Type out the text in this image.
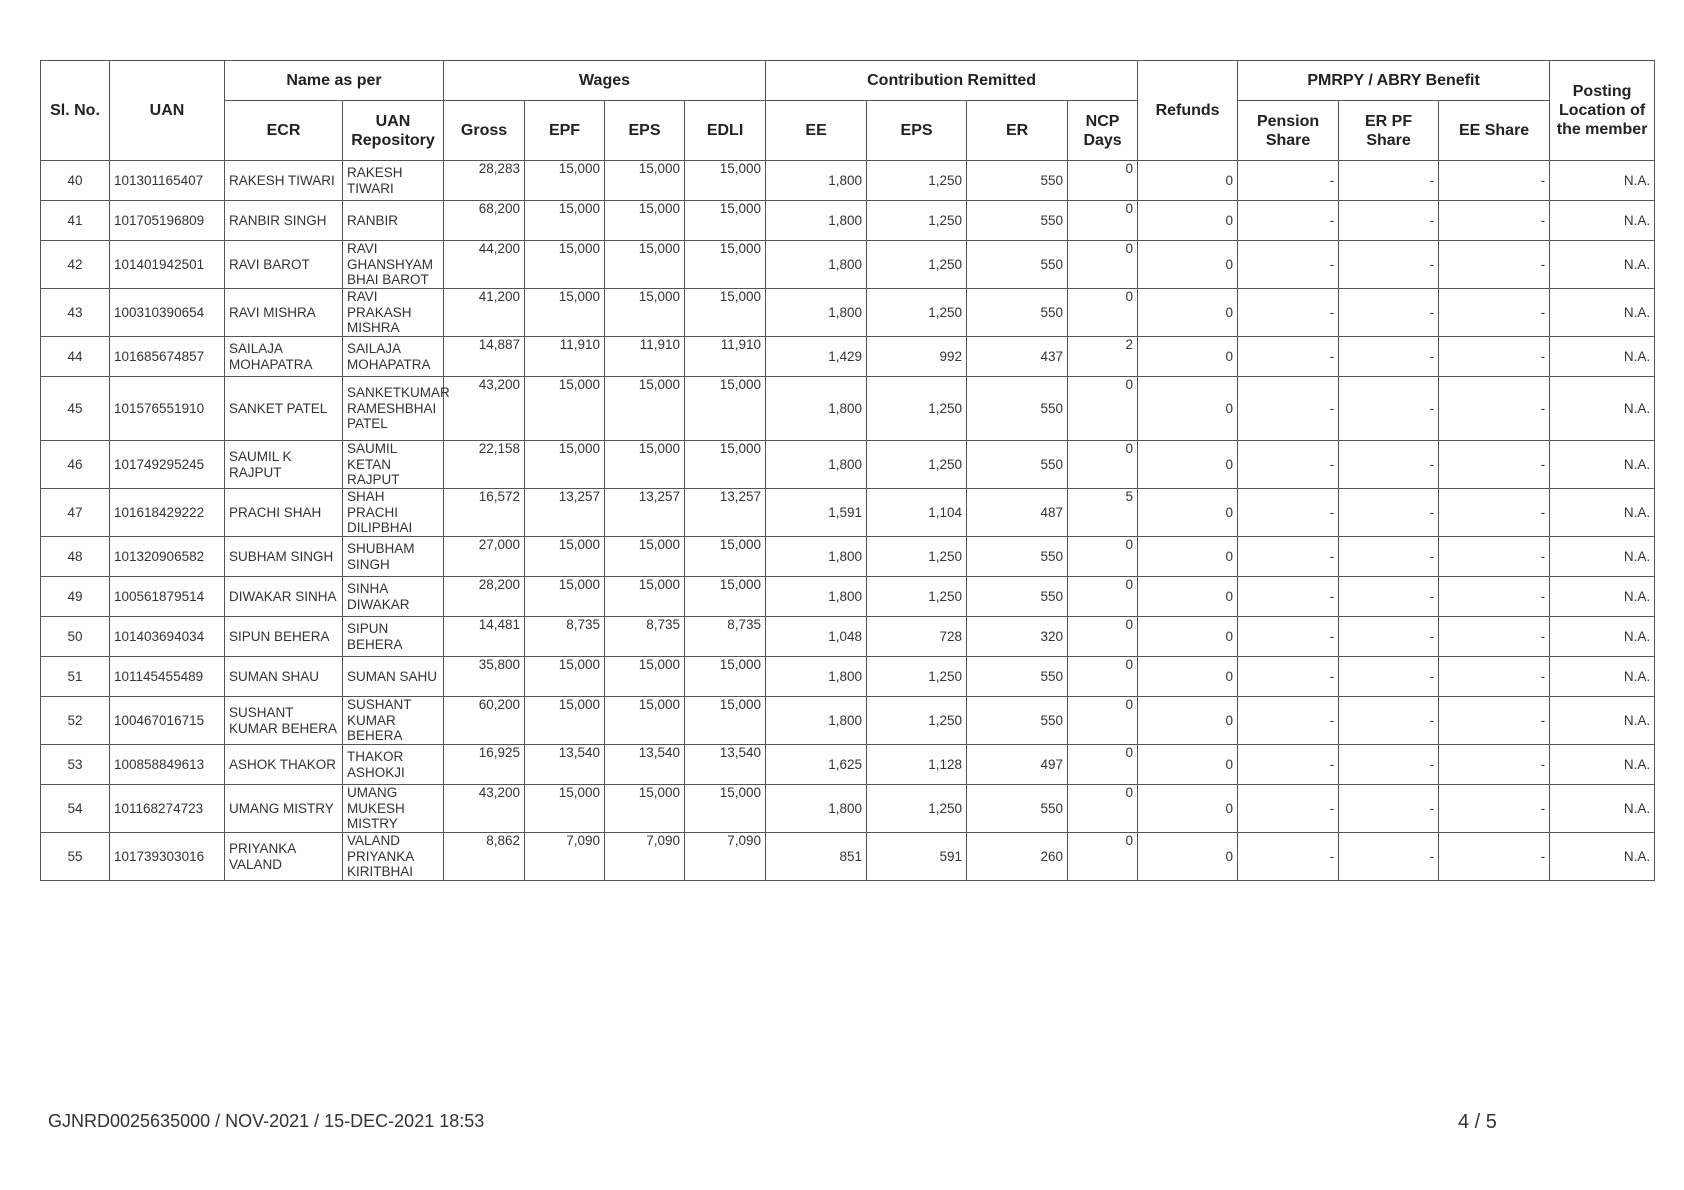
Sl. No.	UAN	Name as per		Wages				Contribution Remitted				Refunds	PMRPY / ABRY Benefit			Posting Location of the member
		ECR	UAN Repository	Gross	EPF	EPS	EDLI	EE	EPS	ER	NCP Days		Pension Share	ER PF Share	EE Share	
40	101301165407	RAKESH TIWARI	RAKESH TIWARI	28,283	15,000	15,000	15,000	1,800	1,250	550	0	0	-	-	-	N.A.
41	101705196809	RANBIR SINGH	RANBIR	68,200	15,000	15,000	15,000	1,800	1,250	550	0	0	-	-	-	N.A.
42	101401942501	RAVI BAROT	RAVI GHANSHYAM BHAI BAROT	44,200	15,000	15,000	15,000	1,800	1,250	550	0	0	-	-	-	N.A.
43	100310390654	RAVI MISHRA	RAVI PRAKASH MISHRA	41,200	15,000	15,000	15,000	1,800	1,250	550	0	0	-	-	-	N.A.
44	101685674857	SAILAJA MOHAPATRA	SAILAJA MOHAPATRA	14,887	11,910	11,910	11,910	1,429	992	437	2	0	-	-	-	N.A.
45	101576551910	SANKET PATEL	SANKETKUMAR RAMESHBHAI PATEL	43,200	15,000	15,000	15,000	1,800	1,250	550	0	0	-	-	-	N.A.
46	101749295245	SAUMIL K RAJPUT	SAUMIL KETAN RAJPUT	22,158	15,000	15,000	15,000	1,800	1,250	550	0	0	-	-	-	N.A.
47	101618429222	PRACHI SHAH	SHAH PRACHI DILIPBHAI	16,572	13,257	13,257	13,257	1,591	1,104	487	5	0	-	-	-	N.A.
48	101320906582	SUBHAM SINGH	SHUBHAM SINGH	27,000	15,000	15,000	15,000	1,800	1,250	550	0	0	-	-	-	N.A.
49	100561879514	DIWAKAR SINHA	SINHA DIWAKAR	28,200	15,000	15,000	15,000	1,800	1,250	550	0	0	-	-	-	N.A.
50	101403694034	SIPUN BEHERA	SIPUN BEHERA	14,481	8,735	8,735	8,735	1,048	728	320	0	0	-	-	-	N.A.
51	101145455489	SUMAN SHAU	SUMAN SAHU	35,800	15,000	15,000	15,000	1,800	1,250	550	0	0	-	-	-	N.A.
52	100467016715	SUSHANT KUMAR BEHERA	SUSHANT KUMAR BEHERA	60,200	15,000	15,000	15,000	1,800	1,250	550	0	0	-	-	-	N.A.
53	100858849613	ASHOK THAKOR	THAKOR ASHOKJI	16,925	13,540	13,540	13,540	1,625	1,128	497	0	0	-	-	-	N.A.
54	101168274723	UMANG MISTRY	UMANG MUKESH MISTRY	43,200	15,000	15,000	15,000	1,800	1,250	550	0	0	-	-	-	N.A.
55	101739303016	PRIYANKA VALAND	VALAND PRIYANKA KIRITBHAI	8,862	7,090	7,090	7,090	851	591	260	0	0	-	-	-	N.A.
GJNRD0025635000 / NOV-2021 / 15-DEC-2021 18:53	4 / 5
